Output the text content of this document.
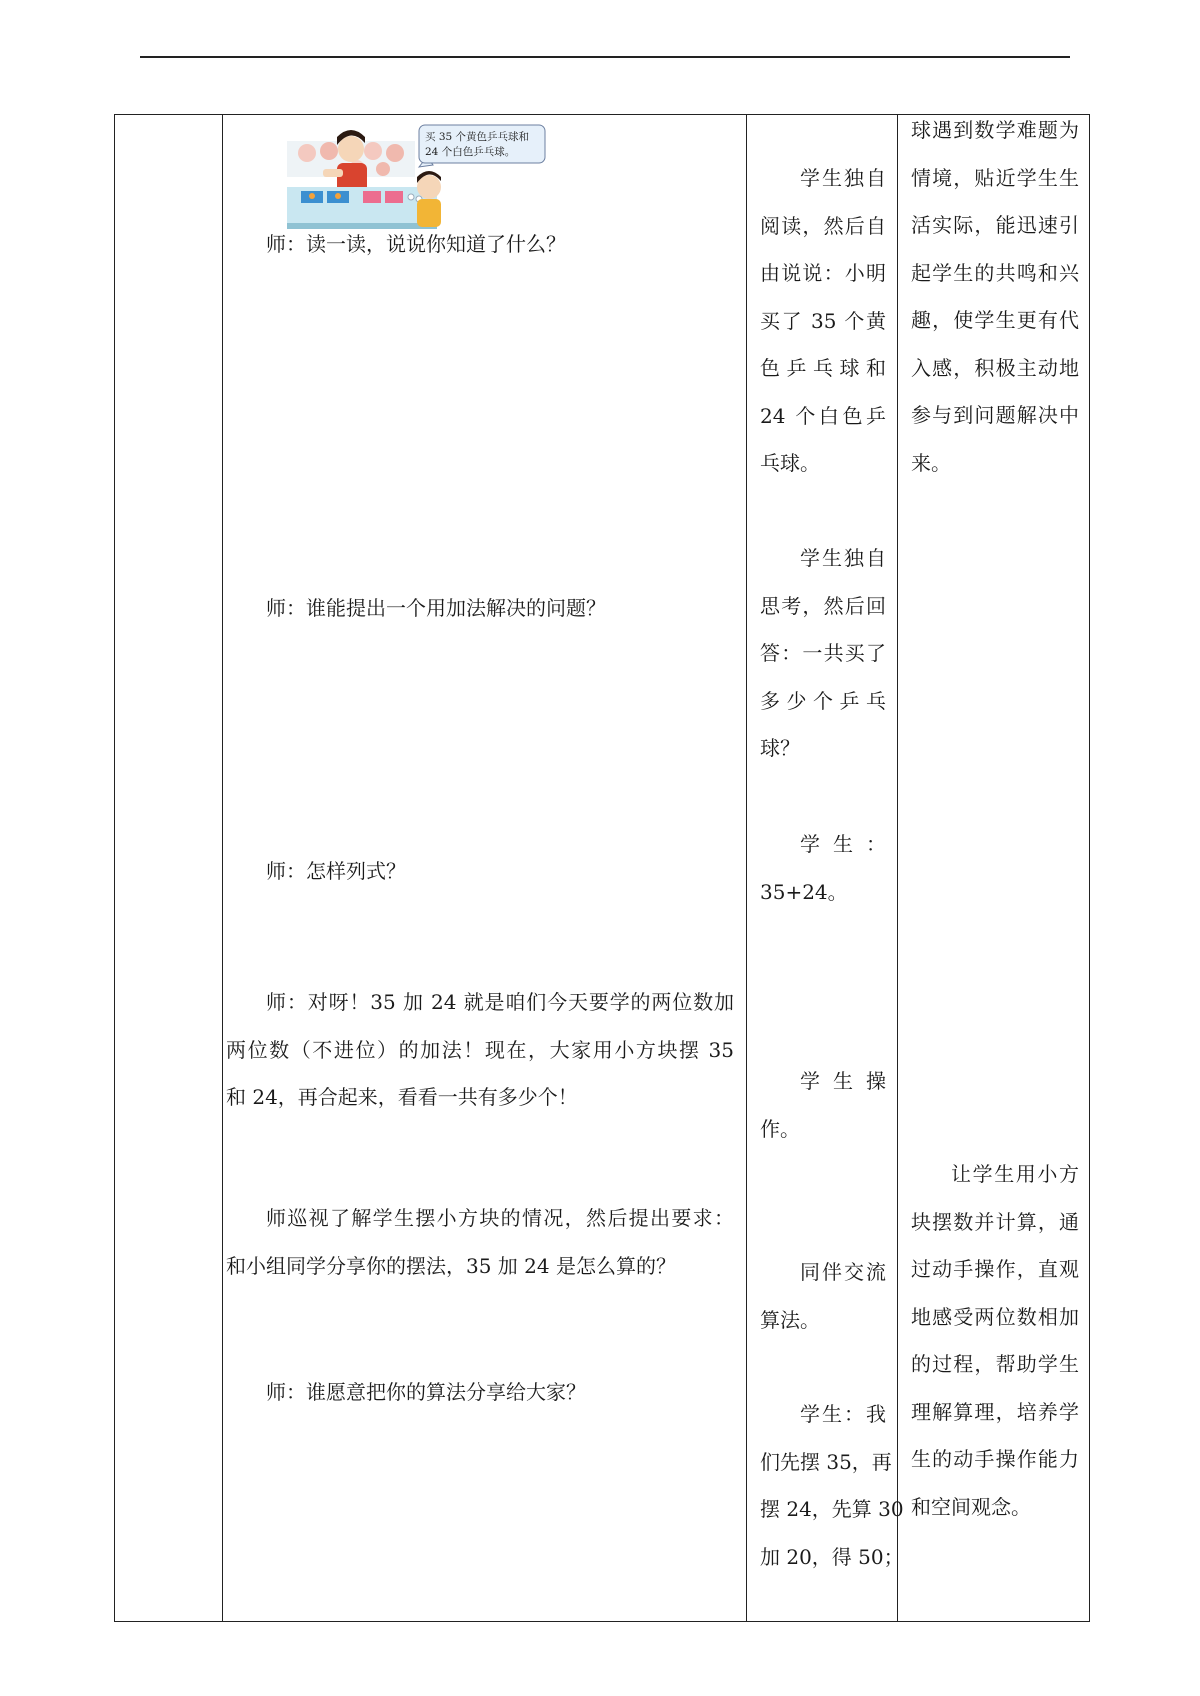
买 35 个黄色乒乓球和
24 个白色乒乓球。
师：读一读，说说你知道了什么？
师：谁能提出一个用加法解决的问题？
师：怎样列式？
师：对呀！35 加 24 就是咱们今天要学的两位数加
两位数（不进位）的加法！现在，大家用小方块摆 35
和 24，再合起来，看看一共有多少个！
师巡视了解学生摆小方块的情况，然后提出要求：
和小组同学分享你的摆法，35 加 24 是怎么算的？
师：谁愿意把你的算法分享给大家？
学生独自
阅读，然后自
由说说：小明
买了 35 个黄
色乒乓球和
24 个白色乒
乓球。
学生独自
思考，然后回
答：一共买了
多少个乒乓
球？
学生：
35+24。
学生操
作。
同伴交流
算法。
学生：我
们先摆 35，再
摆 24，先算 30
加 20，得 50；
球遇到数学难题为
情境，贴近学生生
活实际，能迅速引
起学生的共鸣和兴
趣，使学生更有代
入感，积极主动地
参与到问题解决中
来。
让学生用小方
块摆数并计算，通
过动手操作，直观
地感受两位数相加
的过程，帮助学生
理解算理，培养学
生的动手操作能力
和空间观念。
